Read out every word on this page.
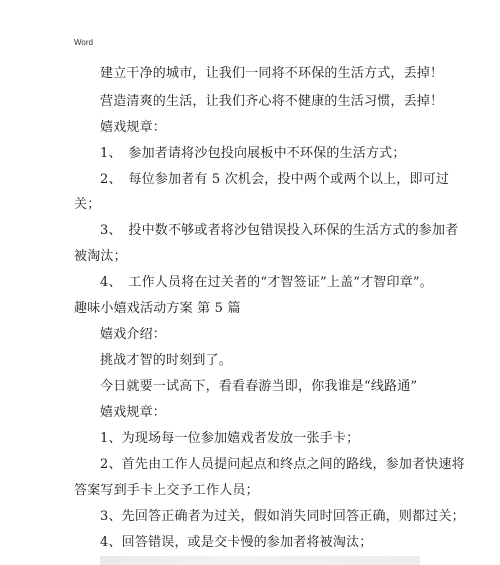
Word
建立干净的城市，让我们一同将不环保的生活方式，丢掉！
营造清爽的生活，让我们齐心将不健康的生活习惯，丢掉！
嬉戏规章：
1、　参加者请将沙包投向展板中不环保的生活方式；
2、　每位参加者有 5 次机会，投中两个或两个以上，即可过
关；
3、　投中数不够或者将沙包错误投入环保的生活方式的参加者
被淘汰；
4、　工作人员将在过关者的“才智签证”上盖“才智印章”。
趣味小嬉戏活动方案 第 5 篇
嬉戏介绍：
挑战才智的时刻到了。
今日就要一试高下，看看春游当即，你我谁是“线路通”
嬉戏规章：
1、为现场每一位参加嬉戏者发放一张手卡；
2、首先由工作人员提问起点和终点之间的路线，参加者快速将
答案写到手卡上交予工作人员；
3、先回答正确者为过关，假如消失同时回答正确，则都过关；
4、回答错误，或是交卡慢的参加者将被淘汰；
